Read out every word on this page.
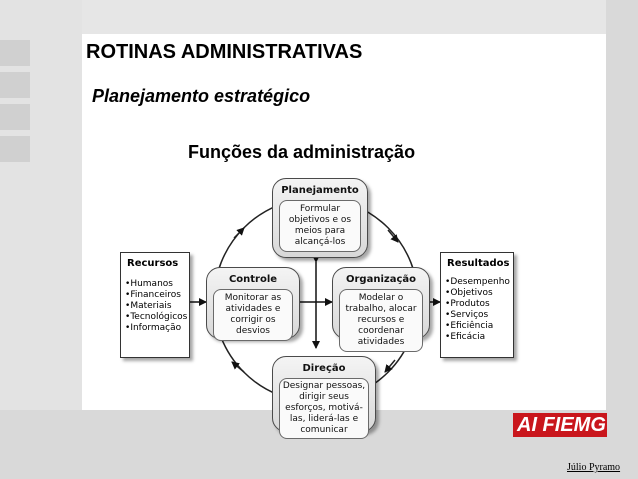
ROTINAS ADMINISTRATIVAS
Planejamento estratégico
Funções da administração
Planejamento
Formular objetivos e os meios para alcançá-los
Organização
Modelar o trabalho, alocar recursos e coordenar atividades
Controle
Monitorar as atividades e corrigir os desvios
Direção
Designar pessoas, dirigir seus esforços, motivá-las, liderá-las e comunicar
Recursos
• Humanos
• Financeiros
• Materiais
• Tecnológicos
• Informação
Resultados
• Desempenho
• Objetivos
• Produtos
• Serviços
• Eficiência
• Eficácia
AI FIEMG
Júlio Pyramo
